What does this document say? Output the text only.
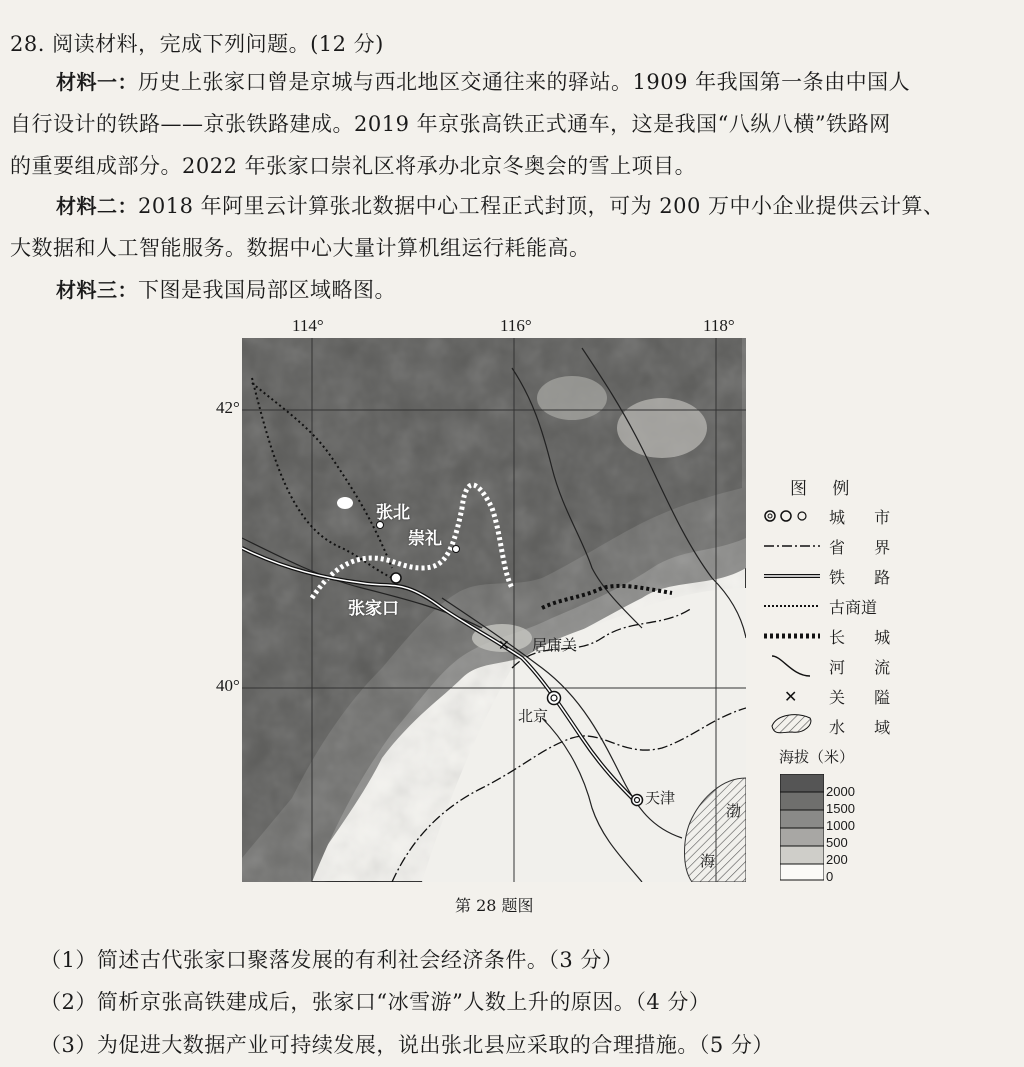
28. 阅读材料，完成下列问题。(12 分)
材料一：历史上张家口曾是京城与西北地区交通往来的驿站。1909 年我国第一条由中国人
自行设计的铁路——京张铁路建成。2019 年京张高铁正式通车，这是我国“八纵八横”铁路网
的重要组成部分。2022 年张家口崇礼区将承办北京冬奥会的雪上项目。
材料二：2018 年阿里云计算张北数据中心工程正式封顶，可为 200 万中小企业提供云计算、
大数据和人工智能服务。数据中心大量计算机组运行耗能高。
材料三：下图是我国局部区域略图。
114°	116°	118°
42°
40°
✕
张北
崇礼
张家口
居庸关
北京
天津
渤
海
图 例
✕
城 市
省 界
铁 路
古商道
长 城
河 流
关 隘
水 域
海拔（米）
2000
1500
1000
500
200
0
第 28 题图
（1）简述古代张家口聚落发展的有利社会经济条件。（3 分）
（2）简析京张高铁建成后，张家口“冰雪游”人数上升的原因。（4 分）
（3）为促进大数据产业可持续发展，说出张北县应采取的合理措施。（5 分）
